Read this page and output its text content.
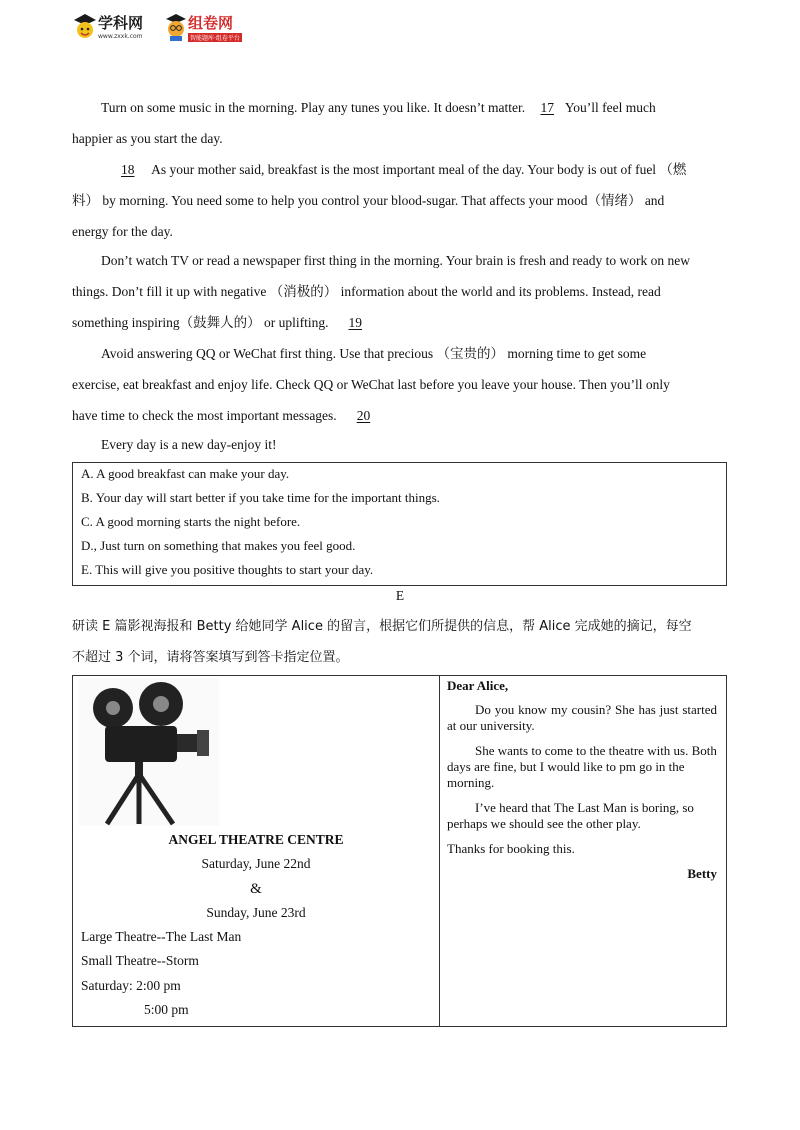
学科网
www.zxxk.com
组卷网
智能题库·组卷平台
Turn on some music in the morning. Play any tunes you like. It doesn’t matter. 17 You’ll feel much
happier as you start the day.
18 As your mother said, breakfast is the most important meal of the day. Your body is out of fuel （燃
料） by morning. You need some to help you control your blood-sugar. That affects your mood（情绪） and
energy for the day.
Don’t watch TV or read a newspaper first thing in the morning. Your brain is fresh and ready to work on new
things. Don’t fill it up with negative （消极的） information about the world and its problems. Instead, read
something inspiring（鼓舞人的） or uplifting. 19
Avoid answering QQ or WeChat first thing. Use that precious （宝贵的） morning time to get some
exercise, eat breakfast and enjoy life. Check QQ or WeChat last before you leave your house. Then you’ll only
have time to check the most important messages. 20
Every day is a new day-enjoy it!
A. A good breakfast can make your day.
B. Your day will start better if you take time for the important things.
C. A good morning starts the night before.
D., Just turn on something that makes you feel good.
E. This will give you positive thoughts to start your day.
E
研读 E 篇影视海报和 Betty 给她同学 Alice 的留言，根据它们所提供的信息，帮 Alice 完成她的摘记，每空
不超过 3 个词，请将答案填写到答卡指定位置。
ANGEL THEATRE CENTRE
Saturday, June 22nd
&
Sunday, June 23rd
Large Theatre--The Last Man
Small Theatre--Storm
Saturday: 2:00 pm
5:00 pm
Dear Alice,

Do you know my cousin? She has just started at our university.

She wants to come to the theatre with us. Both days are fine, but I would like to pm go in the morning.

I’ve heard that The Last Man is boring, so perhaps we should see the other play.

Thanks for booking this.
Betty
